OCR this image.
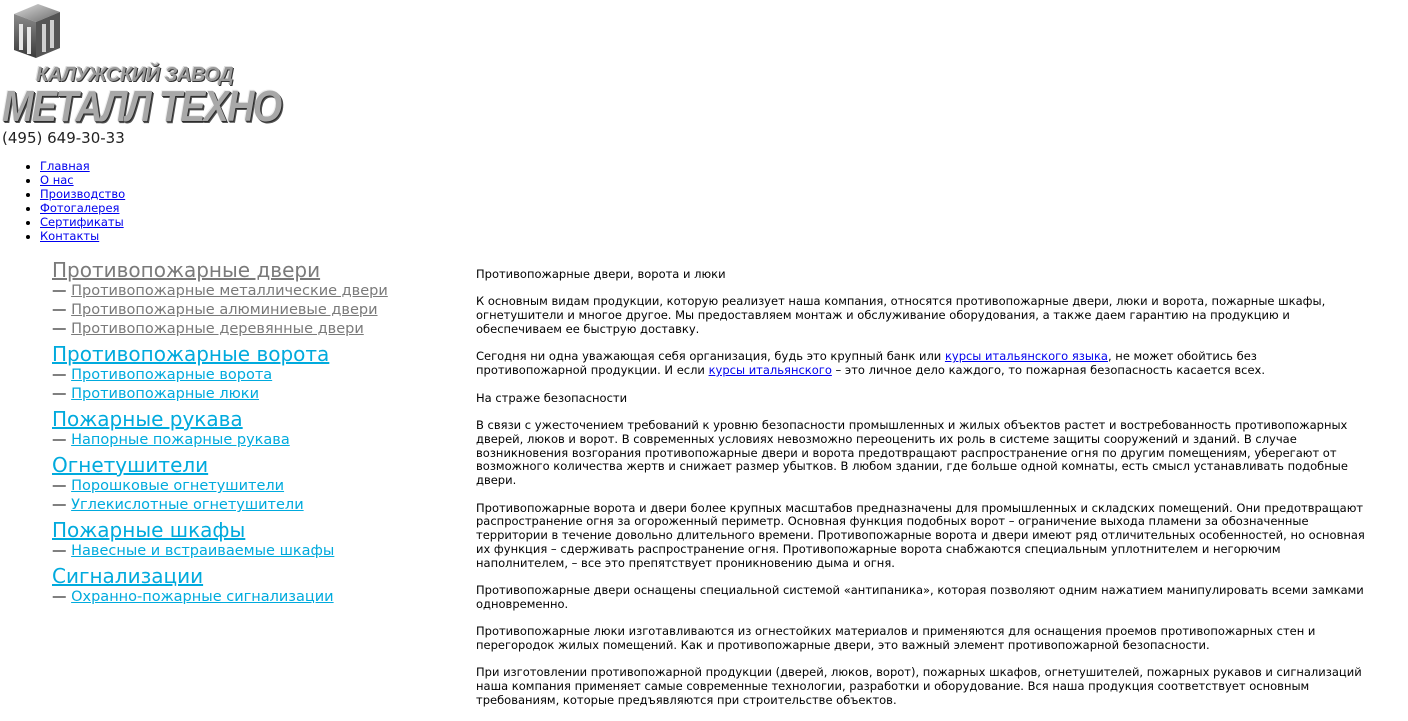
КАЛУЖСКИЙ ЗАВОД
МЕТАЛЛ ТЕХНО
(495) 649-30-33
• Главная
• О нас
• Производство
• Фотогалерея
• Сертификаты
• Контакты
Противопожарные двери
— Противопожарные металлические двери
— Противопожарные алюминиевые двери
— Противопожарные деревянные двери
Противопожарные ворота
— Противопожарные ворота
— Противопожарные люки
Пожарные рукава
— Напорные пожарные рукава
Огнетушители
— Порошковые огнетушители
— Углекислотные огнетушители
Пожарные шкафы
— Навесные и встраиваемые шкафы
Сигнализации
— Охранно-пожарные сигнализации

Противопожарные двери, ворота и люки

К основным видам продукции, которую реализует наша компания, относятся противопожарные двери, люки и ворота, пожарные шкафы, огнетушители и многое другое. Мы предоставляем монтаж и обслуживание оборудования, а также даем гарантию на продукцию и обеспечиваем ее быструю доставку.

Сегодня ни одна уважающая себя организация, будь это крупный банк или курсы итальянского языка, не может обойтись без противопожарной продукции. И если курсы итальянского – это личное дело каждого, то пожарная безопасность касается всех.

На страже безопасности

В связи с ужесточением требований к уровню безопасности промышленных и жилых объектов растет и востребованность противопожарных дверей, люков и ворот. В современных условиях невозможно переоценить их роль в системе защиты сооружений и зданий. В случае возникновения возгорания противопожарные двери и ворота предотвращают распространение огня по другим помещениям, уберегают от возможного количества жертв и снижает размер убытков. В любом здании, где больше одной комнаты, есть смысл устанавливать подобные двери.

Противопожарные ворота и двери более крупных масштабов предназначены для промышленных и складских помещений. Они предотвращают распространение огня за огороженный периметр. Основная функция подобных ворот – ограничение выхода пламени за обозначенные территории в течение довольно длительного времени. Противопожарные ворота и двери имеют ряд отличительных особенностей, но основная их функция – сдерживать распространение огня. Противопожарные ворота снабжаются специальным уплотнителем и негорючим наполнителем, – все это препятствует проникновению дыма и огня.

Противопожарные двери оснащены специальной системой «антипаника», которая позволяют одним нажатием манипулировать всеми замками одновременно.

Противопожарные люки изготавливаются из огнестойких материалов и применяются для оснащения проемов противопожарных стен и перегородок жилых помещений. Как и противопожарные двери, это важный элемент противопожарной безопасности.

При изготовлении противопожарной продукции (дверей, люков, ворот), пожарных шкафов, огнетушителей, пожарных рукавов и сигнализаций наша компания применяет самые современные технологии, разработки и оборудование. Вся наша продукция соответствует основным требованиям, которые предъявляются при строительстве объектов.
